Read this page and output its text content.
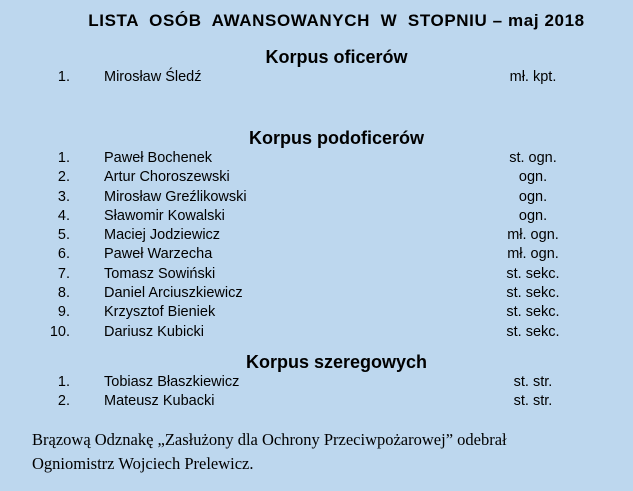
LISTA  OSÓB  AWANSOWANYCH  W  STOPNIU – maj 2018
Korpus oficerów
1. Mirosław Śledź	mł. kpt.
Korpus podoficerów
1. Paweł Bochenek	st. ogn.
2. Artur Choroszewski	ogn.
3. Mirosław Greźlikowski	ogn.
4. Sławomir Kowalski	ogn.
5. Maciej Jodziewicz	mł. ogn.
6. Paweł Warzecha	mł. ogn.
7. Tomasz Sowiński	st. sekc.
8. Daniel Arciuszkiewicz	st. sekc.
9. Krzysztof Bieniek	st. sekc.
10. Dariusz Kubicki	st. sekc.
Korpus szeregowych
1. Tobiasz Błaszkiewicz	st. str.
2. Mateusz Kubacki	st. str.
Brązową Odznakę „Zasłużony dla Ochrony Przeciwpożarowej” odebrał
Ogniomistrz Wojciech Prelewicz.
